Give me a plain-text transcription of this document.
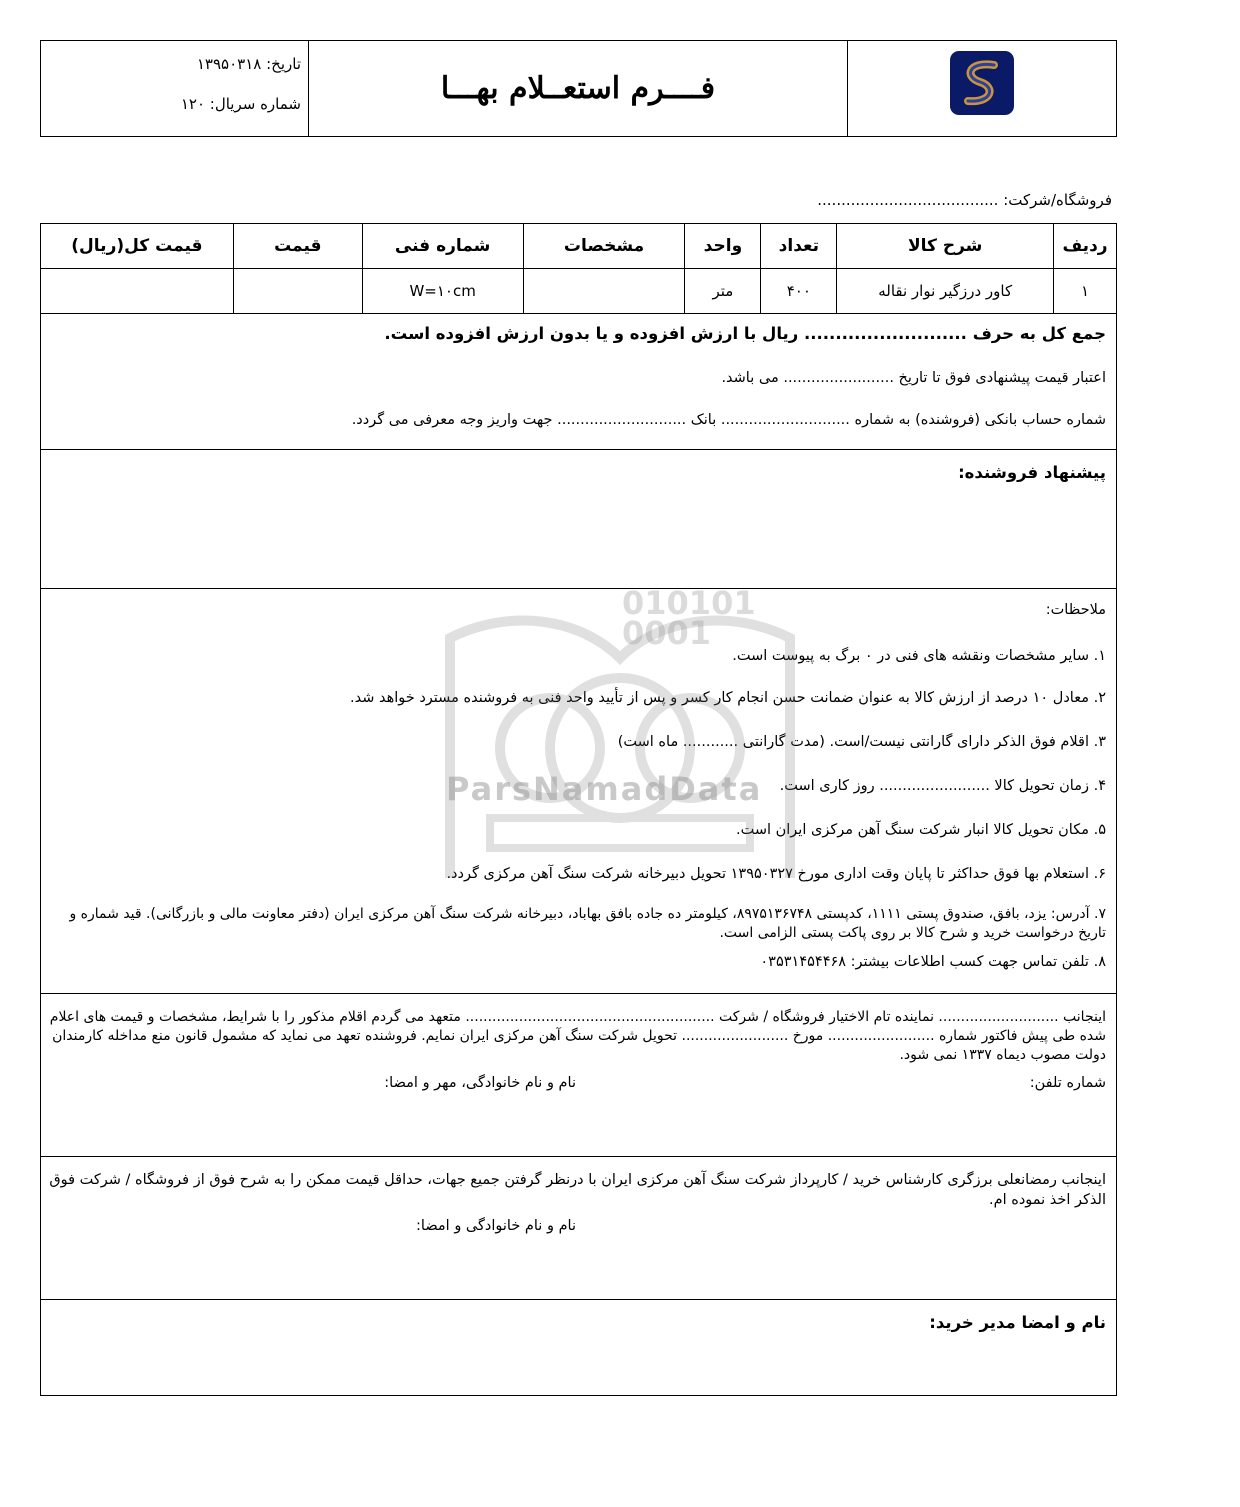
فــــرم استعــلام بهـــا
تاریخ: ۱۳۹۵۰۳۱۸
شماره سریال: ۱۲۰
فروشگاه/شرکت: ......................................
ردیف	شرح کالا	تعداد	واحد	مشخصات	شماره فنی	قیمت	قیمت کل(ریال)
۱	کاور درزگیر نوار نقاله	۴۰۰	متر		W=۱۰cm		
جمع کل به حرف .......................... ریال با ارزش افزوده و یا بدون ارزش افزوده است.
اعتبار قیمت پیشنهادی فوق تا تاریخ ........................ می باشد.
شماره حساب بانکی (فروشنده) به شماره ............................ بانک ............................ جهت واریز وجه معرفی می گردد.
پیشنهاد فروشنده:
ملاحظات:
۱. سایر مشخصات ونقشه های فنی در ۰ برگ به پیوست است.
۲. معادل ۱۰ درصد از ارزش کالا به عنوان ضمانت حسن انجام کار کسر و پس از تأیید واحد فنی به فروشنده مسترد خواهد شد.
۳. اقلام فوق الذکر دارای گارانتی نیست/است. (مدت گارانتی ............ ماه است)
۴. زمان تحویل کالا ........................ روز کاری است.
۵. مکان تحویل کالا انبار شرکت سنگ آهن مرکزی ایران است.
۶. استعلام بها فوق حداکثر تا پایان وقت اداری مورخ ۱۳۹۵۰۳۲۷ تحویل دبیرخانه شرکت سنگ آهن مرکزی گردد.
۷. آدرس: یزد، بافق، صندوق پستی ۱۱۱۱، کدپستی ۸۹۷۵۱۳۶۷۴۸، کیلومتر ده جاده بافق بهاباد، دبیرخانه شرکت سنگ آهن مرکزی ایران (دفتر معاونت مالی و بازرگانی). قید شماره و تاریخ درخواست خرید و شرح کالا بر روی پاکت پستی الزامی است.
۸. تلفن تماس جهت کسب اطلاعات بیشتر: ۰۳۵۳۱۴۵۴۴۶۸
010101
0001
ParsNamadData
اینجانب ........................... نماینده تام الاختیار فروشگاه / شرکت ........................................................ متعهد می گردم اقلام مذکور را با شرایط، مشخصات و قیمت های اعلام شده طی پیش فاکتور شماره ........................ مورخ ........................ تحویل شرکت سنگ آهن مرکزی ایران نمایم. فروشنده تعهد می نماید که مشمول قانون منع مداخله کارمندان دولت مصوب دیماه ۱۳۳۷ نمی شود.
شماره تلفن:
نام و نام خانوادگی، مهر و امضا:
اینجانب رمضانعلی برزگری کارشناس خرید / کارپرداز شرکت سنگ آهن مرکزی ایران با درنظر گرفتن جمیع جهات، حداقل قیمت ممکن را به شرح فوق از فروشگاه / شرکت فوق الذکر اخذ نموده ام.
نام و نام خانوادگی و امضا:
نام و امضا مدیر خرید:
